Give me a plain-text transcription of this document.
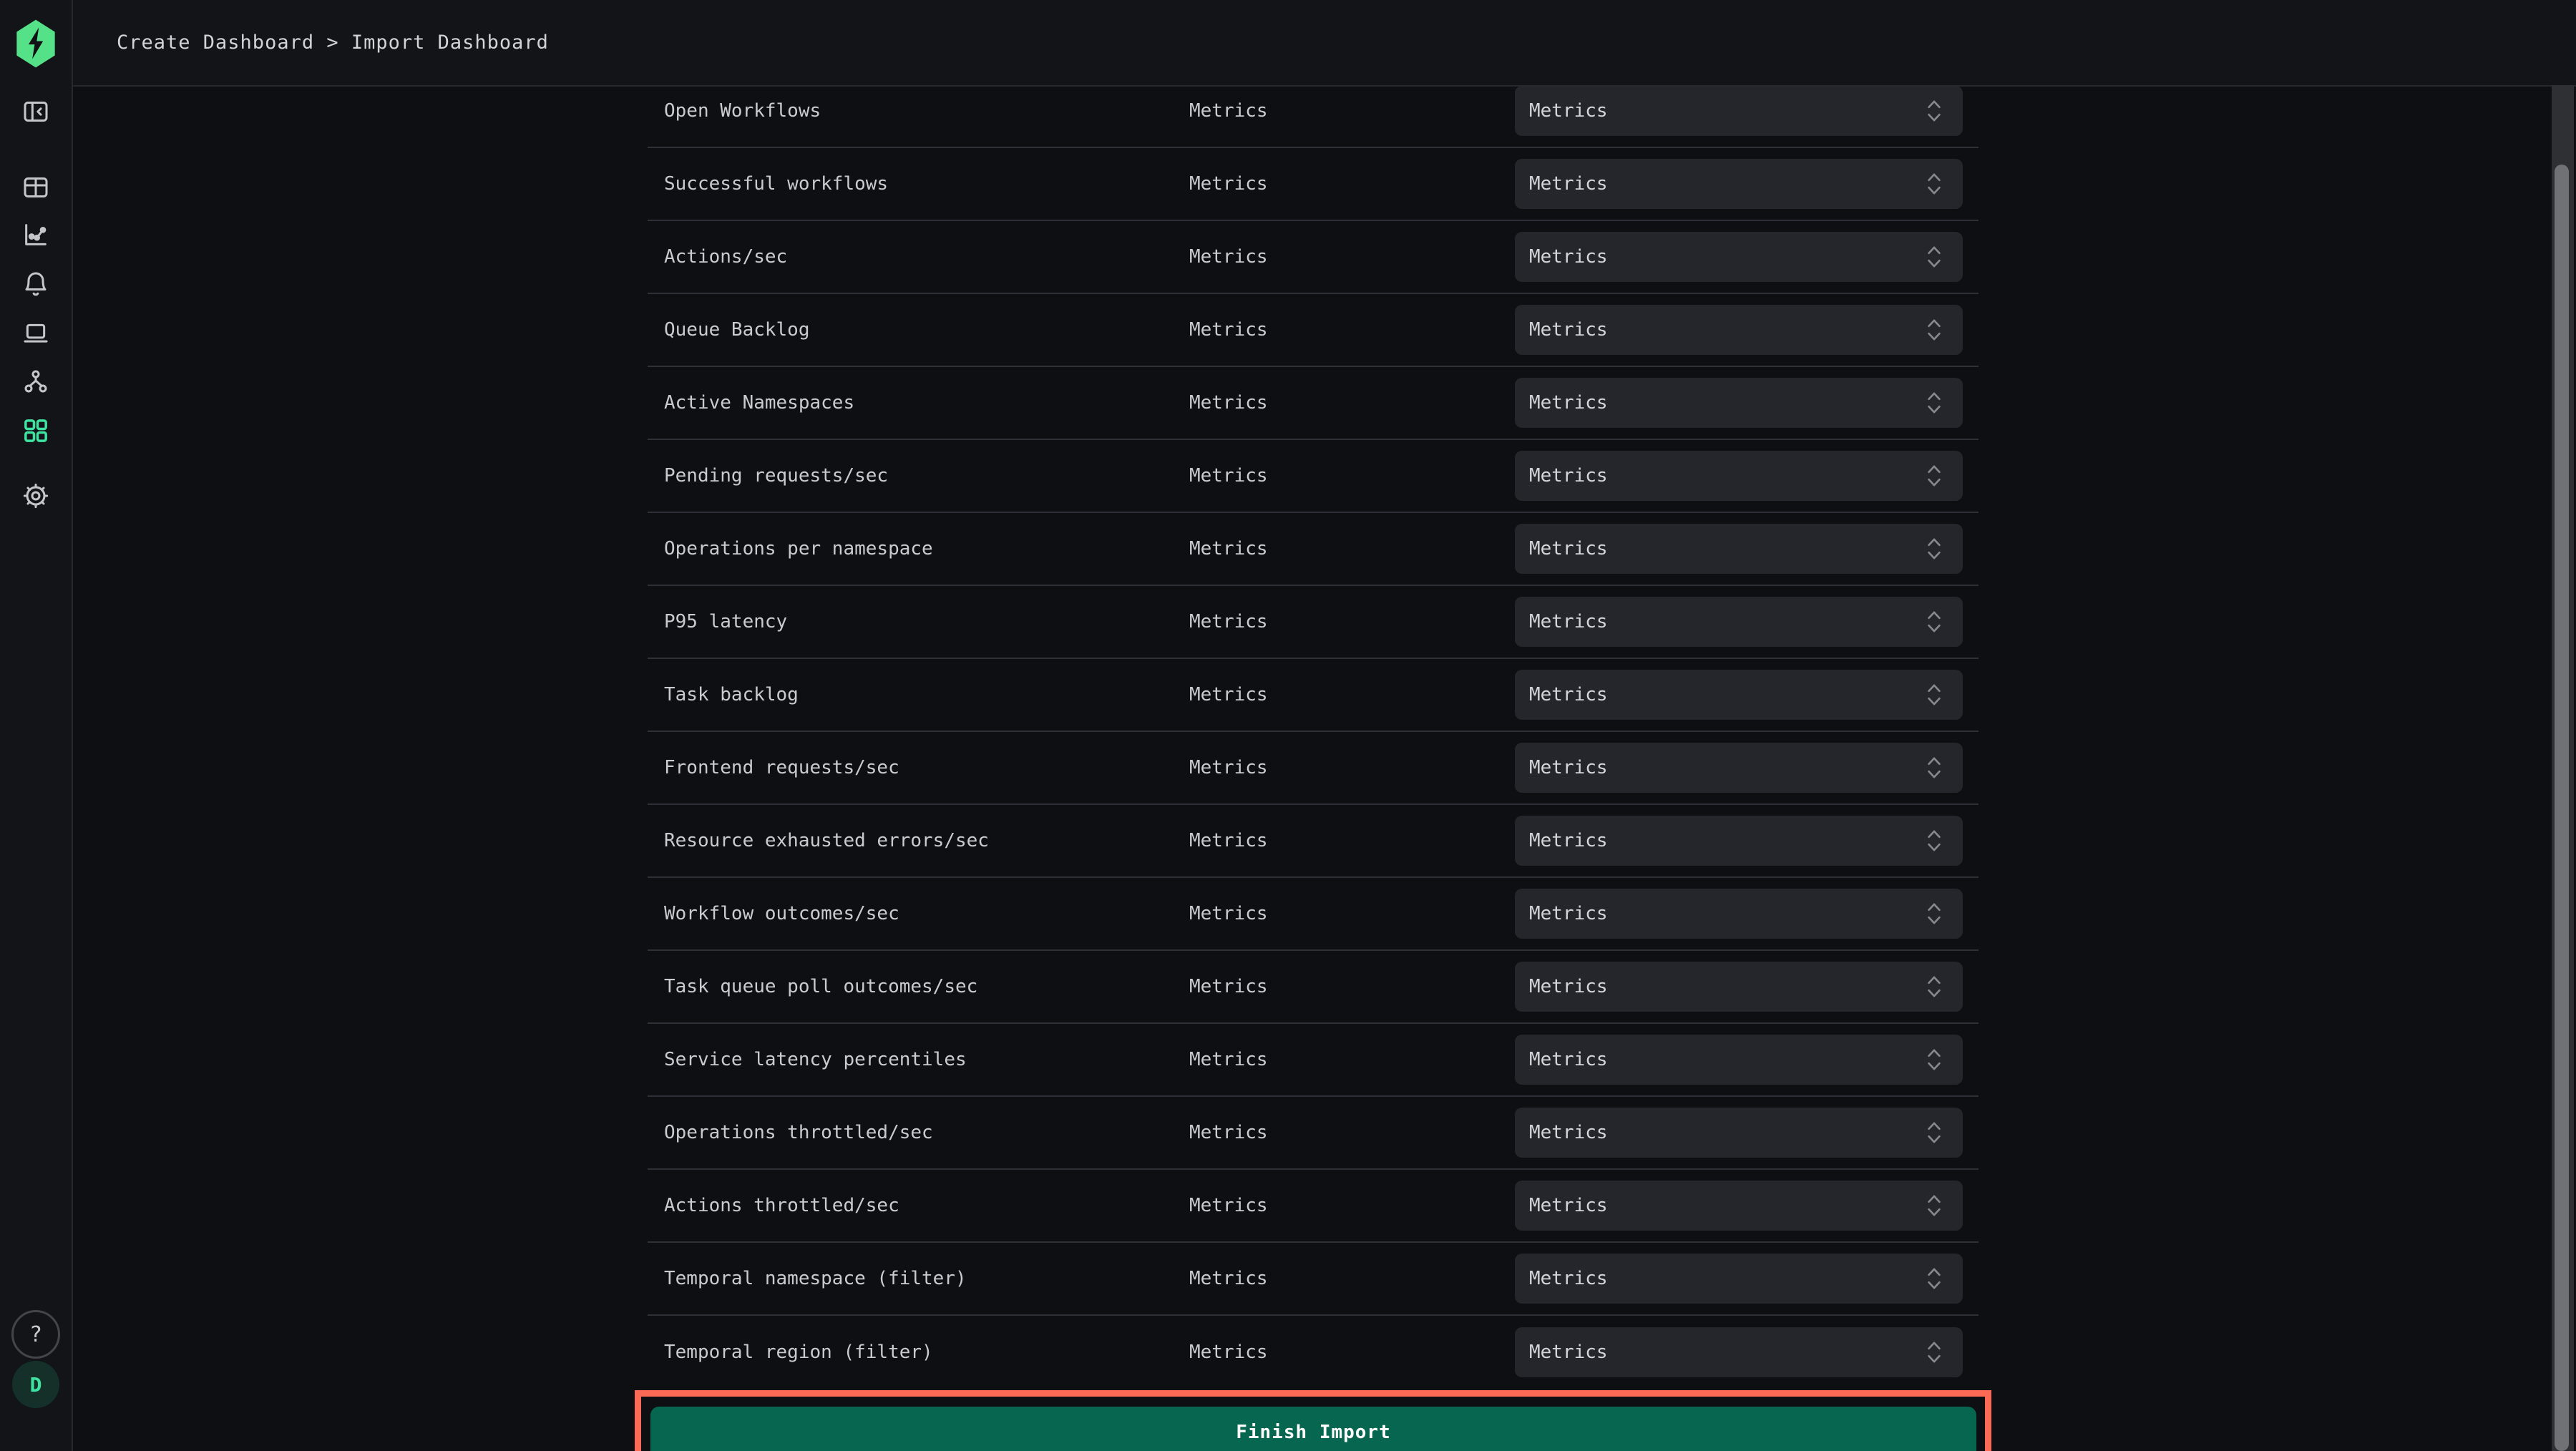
?
D
Create Dashboard > Import Dashboard
Open Workflows	Metrics	Metrics
Successful workflows	Metrics	Metrics
Actions/sec	Metrics	Metrics
Queue Backlog	Metrics	Metrics
Active Namespaces	Metrics	Metrics
Pending requests/sec	Metrics	Metrics
Operations per namespace	Metrics	Metrics
P95 latency	Metrics	Metrics
Task backlog	Metrics	Metrics
Frontend requests/sec	Metrics	Metrics
Resource exhausted errors/sec	Metrics	Metrics
Workflow outcomes/sec	Metrics	Metrics
Task queue poll outcomes/sec	Metrics	Metrics
Service latency percentiles	Metrics	Metrics
Operations throttled/sec	Metrics	Metrics
Actions throttled/sec	Metrics	Metrics
Temporal namespace (filter)	Metrics	Metrics
Temporal region (filter)	Metrics	Metrics
Finish Import
